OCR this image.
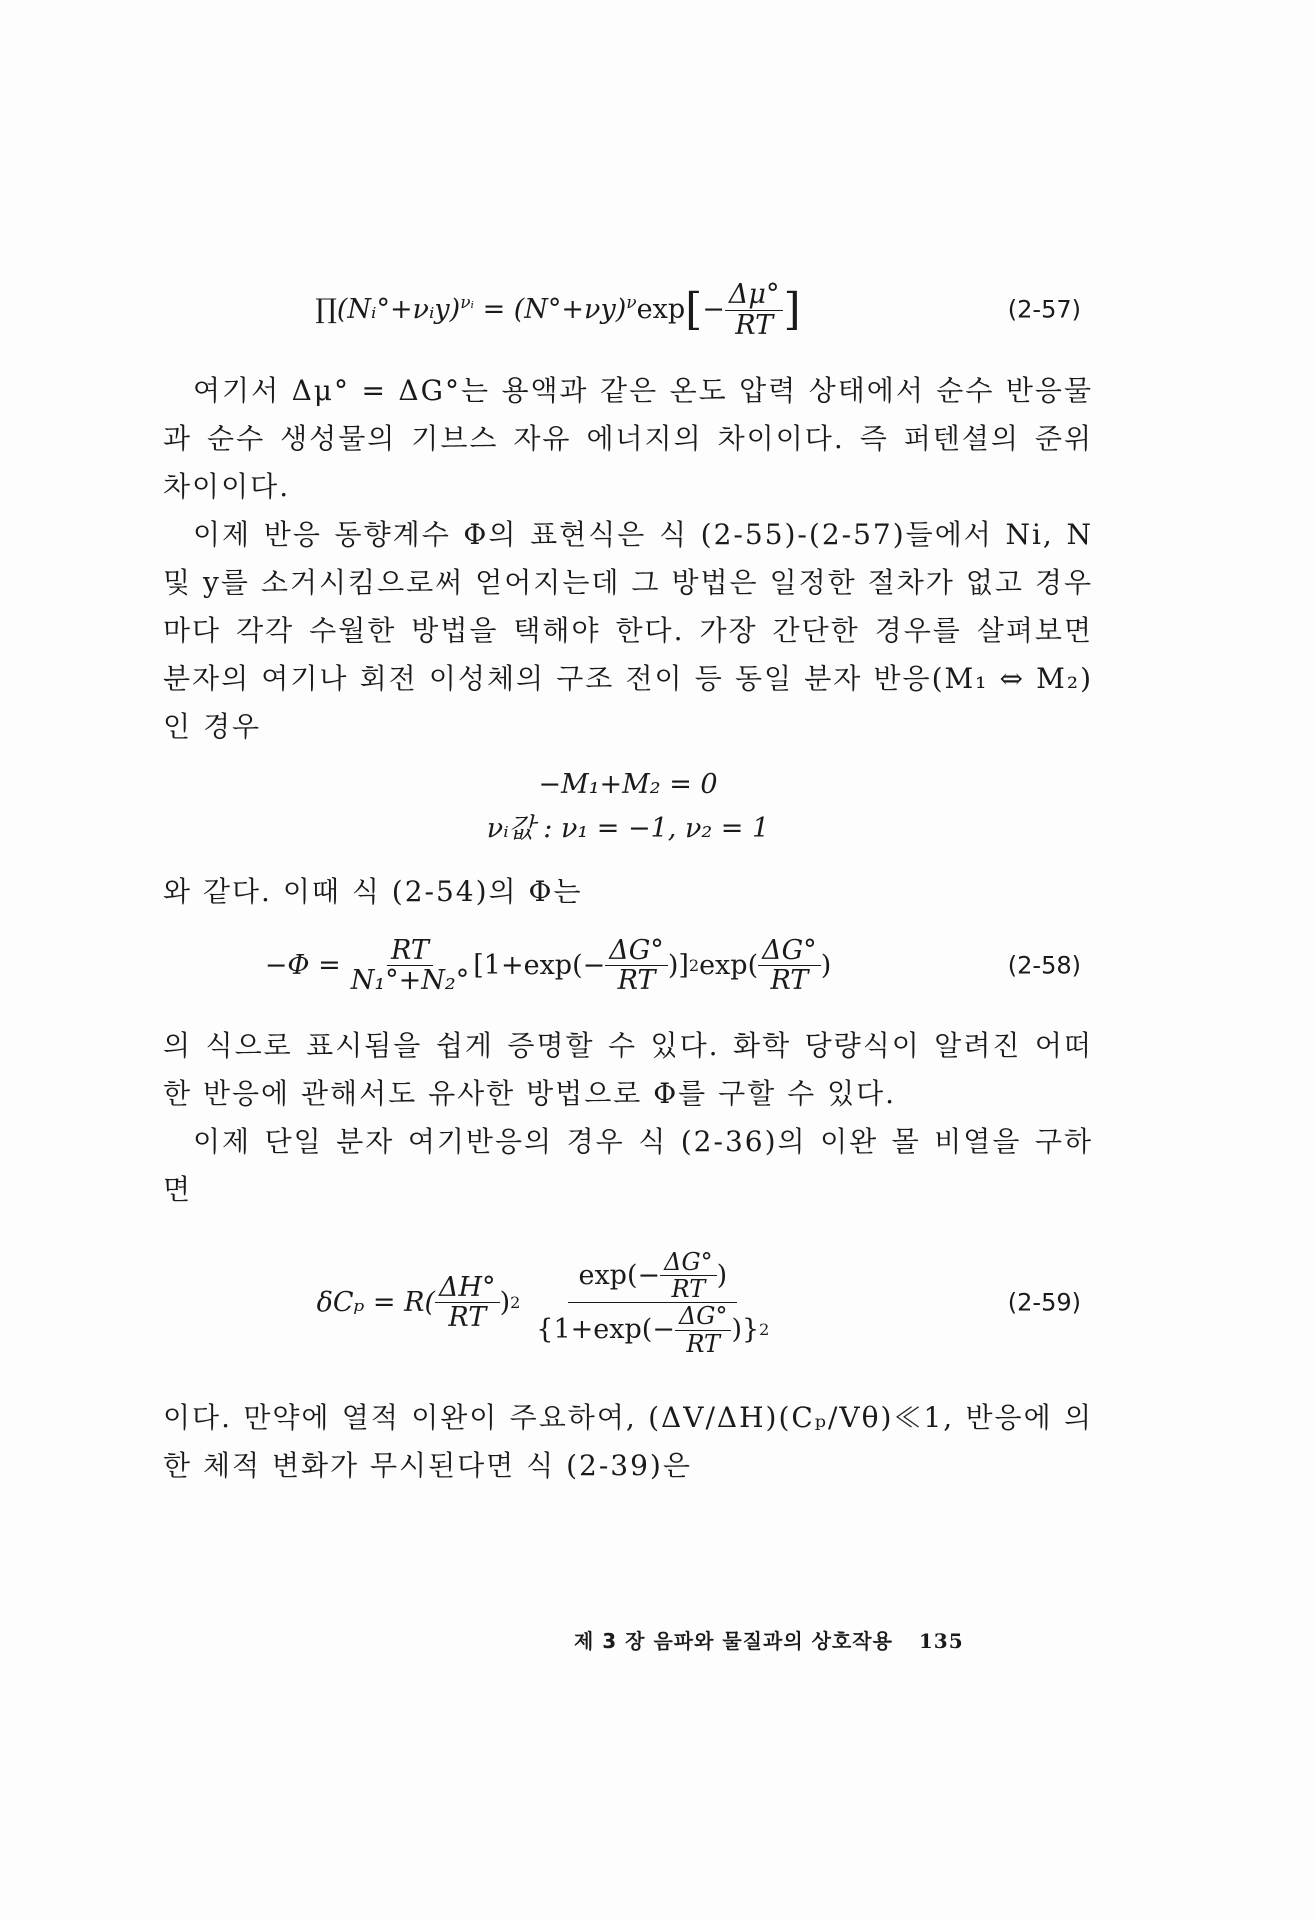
∏(Nᵢ°+νᵢy)$^{\nu ᵢ}$ = $(N^\circ+\nu y)^\nu\exp$ [ − $\frac{\Delta\mu^\circ}{RT}$ ]	(2-57)

여기서 Δμ° = ΔG°는 용액과 같은 온도 압력 상태에서 순수 반응물과 순수 생성물의 기브스 자유 에너지의 차이이다. 즉 퍼텐셜의 준위 차이이다.

이제 반응 동향계수 Φ의 표현식은 식 (2-55)-(2-57)들에서 Ni, N 및 y를 소거시킴으로써 얻어지는데 그 방법은 일정한 절차가 없고 경우마다 각각 수월한 방법을 택해야 한다. 가장 간단한 경우를 살펴보면 분자의 여기나 회전 이성체의 구조 전이 등 동일 분자 반응(M₁ ⇔ M₂)인 경우

−M₁+M₂ = 0
νᵢ값 : ν₁ = −1, ν₂ = 1

와 같다. 이때 식 (2-54)의 Φ는

$-\Phi = \frac{RT}{\text{N₁°+N₂°}} [1+\exp(- \frac{\Delta G^\circ}{RT}$ )] 2 $\exp( \frac{\Delta G^\circ}{RT}$ )	(2-58)

의 식으로 표시됨을 쉽게 증명할 수 있다. 화학 당량식이 알려진 어떠한 반응에 관해서도 유사한 방법으로 Φ를 구할 수 있다.

이제 단일 분자 여기반응의 경우 식 (2-36)의 이완 몰 비열을 구하면

$\delta C_p = R( \frac{\Delta H^\circ}{RT}$ ) 2
$\exp(- \frac{\Delta G^\circ}{RT}$ )
{$1+\exp(- \frac{\Delta G^\circ}{RT}$ )} 2
(2-59)

이다. 만약에 열적 이완이 주요하여, (ΔV/ΔH)(Cₚ/Vθ)≪1, 반응에 의한 체적 변화가 무시된다면 식 (2-39)은

제 3 장 음파와 물질과의 상호작용 135
